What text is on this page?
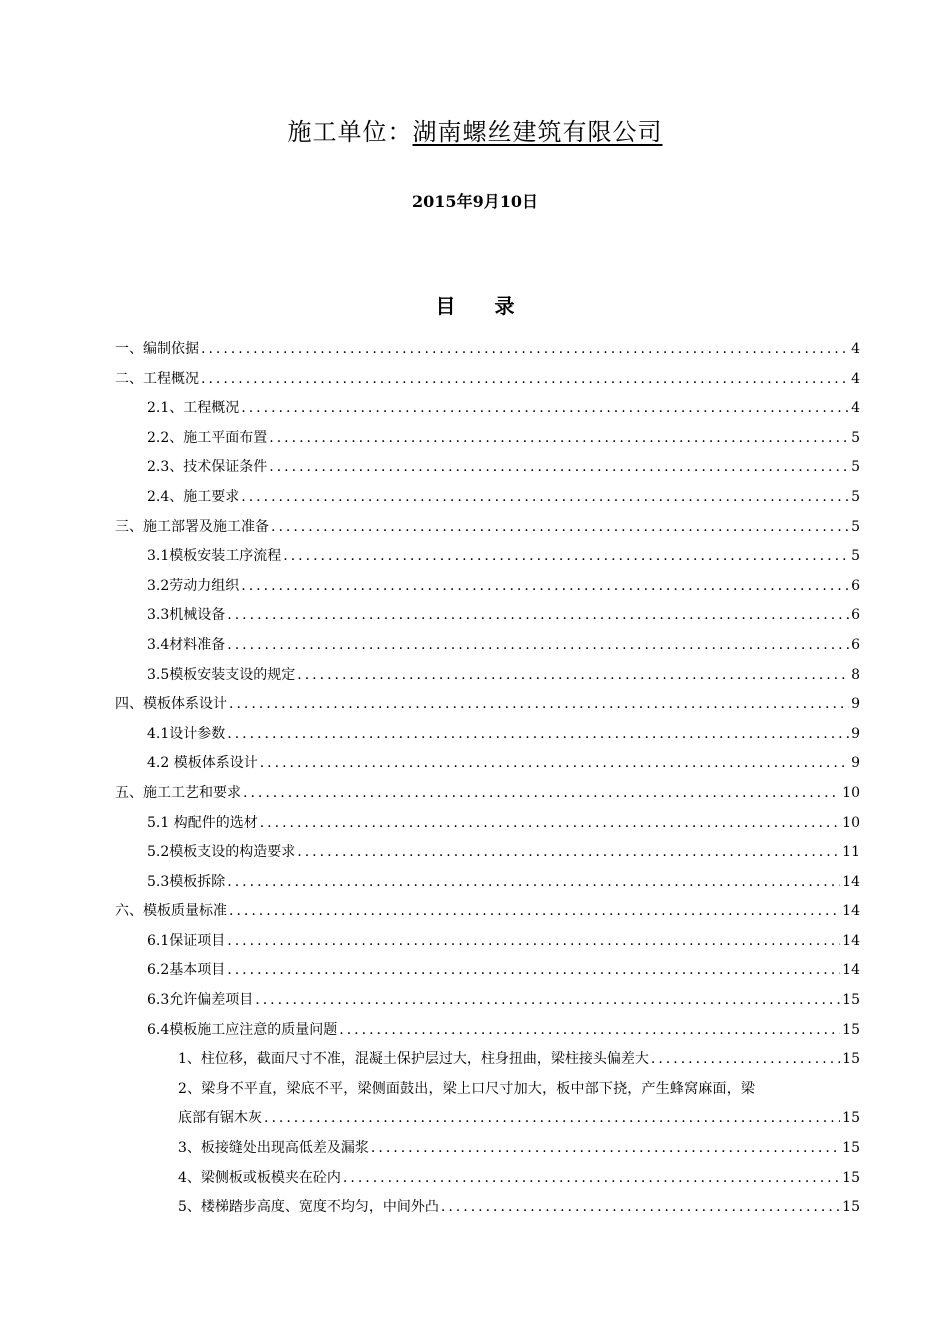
施工单位：湖南螺丝建筑有限公司
2015年9月10日
目 录
一、编制依据 .....	4
二、工程概况 .....	4
2.1、工程概况 .....	4
2.2、施工平面布置 .....	5
2.3、技术保证条件 .....	5
2.4、施工要求 .....	5
三、施工部署及施工准备 .....	5
3.1模板安装工序流程 .....	5
3.2劳动力组织 .....	6
3.3机械设备 .....	6
3.4材料准备 .....	6
3.5模板安装支设的规定 .....	8
四、模板体系设计 .....	9
4.1设计参数 .....	9
4.2 模板体系设计 .....	9
五、施工工艺和要求 .....	10
5.1 构配件的选材 .....	10
5.2模板支设的构造要求 .....	11
5.3模板拆除 .....	14
六、模板质量标准 .....	14
6.1保证项目 .....	14
6.2基本项目 .....	14
6.3允许偏差项目 .....	15
6.4模板施工应注意的质量问题 .....	15
1、柱位移，截面尺寸不准，混凝土保护层过大，柱身扭曲，梁柱接头偏差大 .....	15
2、梁身不平直，梁底不平，梁侧面鼓出，梁上口尺寸加大，板中部下挠，产生蜂窝麻面，梁
底部有锯木灰 .....	15
3、板接缝处出现高低差及漏浆 .....	15
4、梁侧板或板模夹在砼内 .....	15
5、楼梯踏步高度、宽度不均匀，中间外凸 .....	15
